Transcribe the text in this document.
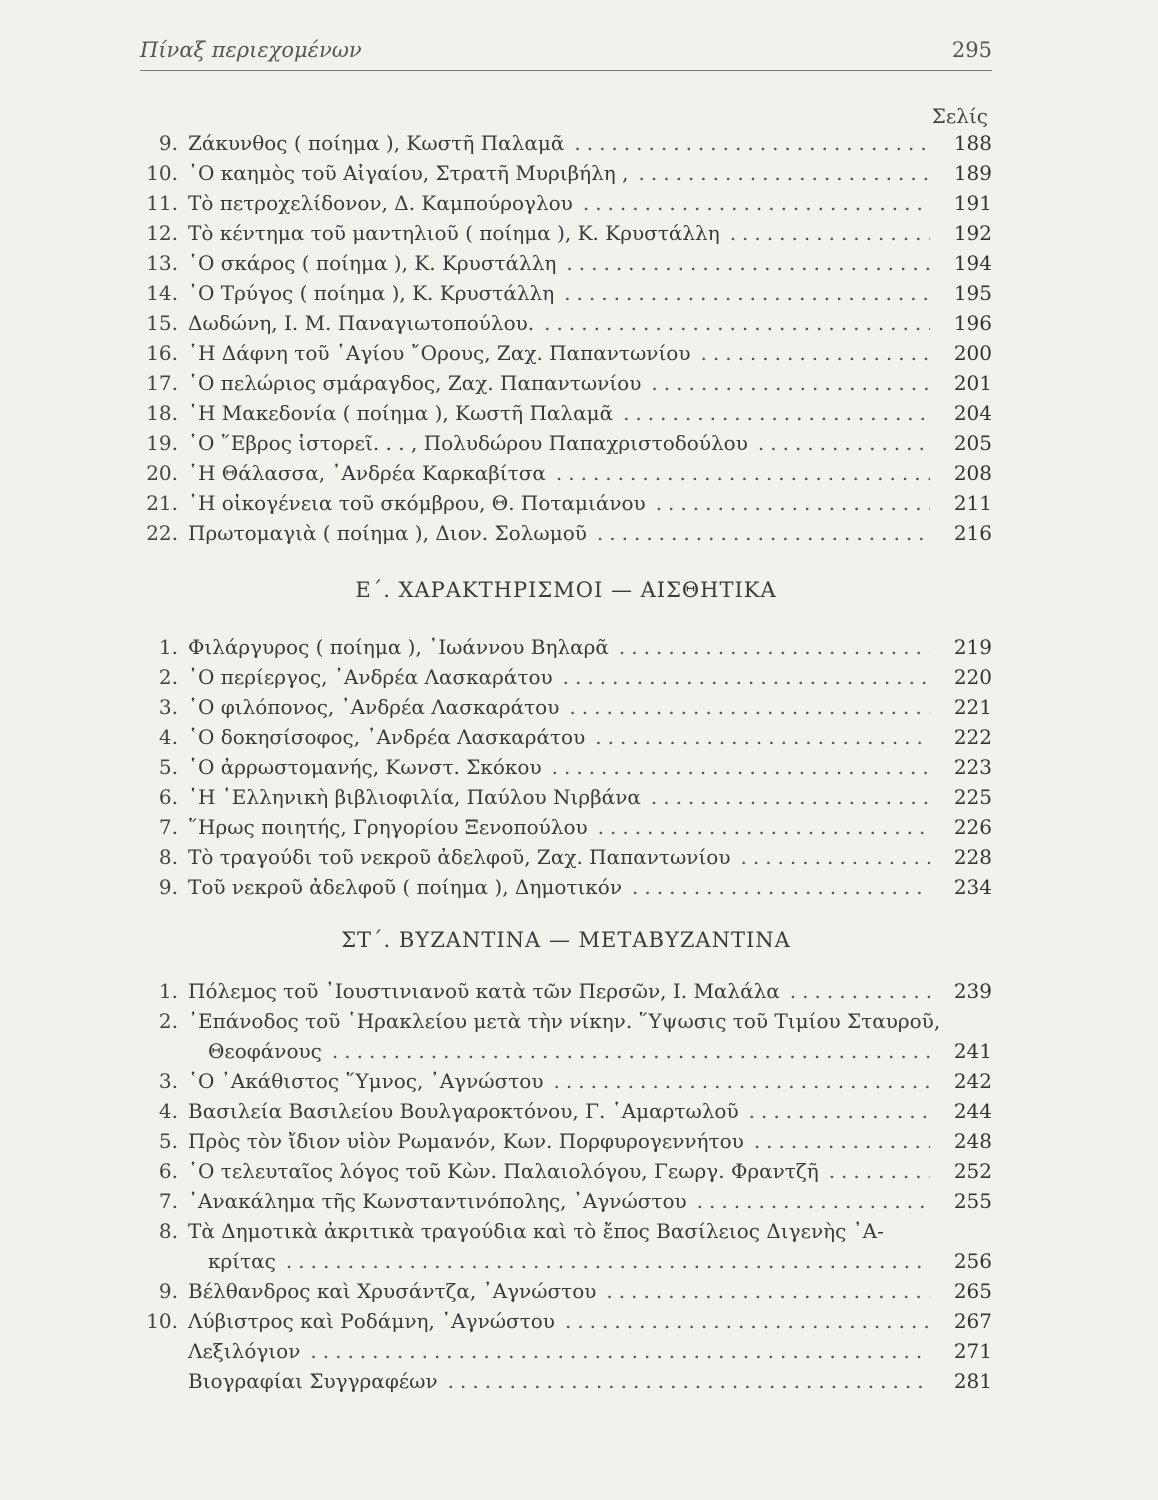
Πίναξ περιεχομένων	295
Σελίς
9. Ζάκυνθος ( ποίημα ), Κωστῆ Παλαμᾶ .....	188
10. ῾Ο καημὸς τοῦ Αἰγαίου, Στρατῆ Μυριβήλη , .....	189
11. Τὸ πετροχελίδονον, Δ. Καμπούρογλου .....	191
12. Τὸ κέντημα τοῦ μαντηλιοῦ ( ποίημα ), Κ. Κρυστάλλη .....	192
13. ῾Ο σκάρος ( ποίημα ), Κ. Κρυστάλλη .....	194
14. ῾Ο Τρύγος ( ποίημα ), Κ. Κρυστάλλη .....	195
15. Δωδώνη, Ι. Μ. Παναγιωτοπούλου. .....	196
16. ῾Η Δάφνη τοῦ ῾Αγίου ῎Ορους, Ζαχ. Παπαντωνίου .....	200
17. ῾Ο πελώριος σμάραγδος, Ζαχ. Παπαντωνίου .....	201
18. ῾Η Μακεδονία ( ποίημα ), Κωστῆ Παλαμᾶ .....	204
19. ῾Ο ῞Εβρος ἱστορεῖ. . . , Πολυδώρου Παπαχριστοδούλου .....	205
20. ῾Η Θάλασσα, ᾿Ανδρέα Καρκαβίτσα .....	208
21. ῾Η οἰκογένεια τοῦ σκόμβρου, Θ. Ποταμιάνου .....	211
22. Πρωτομαγιὰ ( ποίημα ), Διον. Σολωμοῦ .....	216
Ε΄. ΧΑΡΑΚΤΗΡΙΣΜΟΙ — ΑΙΣΘΗΤΙΚΑ
1. Φιλάργυρος ( ποίημα ), ᾿Ιωάννου Βηλαρᾶ .....	219
2. ῾Ο περίεργος, ᾿Ανδρέα Λασκαράτου .....	220
3. ῾Ο φιλόπονος, ᾿Ανδρέα Λασκαράτου .....	221
4. ῾Ο δοκησίσοφος, ᾿Ανδρέα Λασκαράτου .....	222
5. ῾Ο ἀρρωστομανής, Κωνστ. Σκόκου .....	223
6. ῾Η ῾Ελληνικὴ βιβλιοφιλία, Παύλου Νιρβάνα .....	225
7. ῞Ηρως ποιητής, Γρηγορίου Ξενοπούλου .....	226
8. Τὸ τραγούδι τοῦ νεκροῦ ἀδελφοῦ, Ζαχ. Παπαντωνίου .....	228
9. Τοῦ νεκροῦ ἀδελφοῦ ( ποίημα ), Δημοτικόν .....	234
ΣΤ΄. ΒΥΖΑΝΤΙΝΑ — ΜΕΤΑΒΥΖΑΝΤΙΝΑ
1. Πόλεμος τοῦ ᾿Ιουστινιανοῦ κατὰ τῶν Περσῶν, Ι. Μαλάλα .....	239
2. ᾿Επάνοδος τοῦ ῾Ηρακλείου μετὰ τὴν νίκην. ῞Υψωσις τοῦ Τιμίου Σταυροῦ,
Θεοφάνους .....	241
3. ῾Ο ᾿Ακάθιστος ῞Υμνος, ᾿Αγνώστου .....	242
4. Βασιλεία Βασιλείου Βουλγαροκτόνου, Γ. ῾Αμαρτωλοῦ .....	244
5. Πρὸς τὸν ἴδιον υἱὸν Ρωμανόν, Κων. Πορφυρογεννήτου .....	248
6. ῾Ο τελευταῖος λόγος τοῦ Κὼν. Παλαιολόγου, Γεωργ. Φραντζῆ .....	252
7. ᾿Ανακάλημα τῆς Κωνσταντινόπολης, ᾿Αγνώστου .....	255
8. Τὰ Δημοτικὰ ἀκριτικὰ τραγούδια καὶ τὸ ἔπος Βασίλειος Διγενὴς ᾿Α-
κρίτας .....	256
9. Βέλθανδρος καὶ Χρυσάντζα, ᾿Αγνώστου .....	265
10. Λύβιστρος καὶ Ροδάμνη, ᾿Αγνώστου .....	267
Λεξιλόγιον .....	271
Βιογραφίαι Συγγραφέων .....	281
